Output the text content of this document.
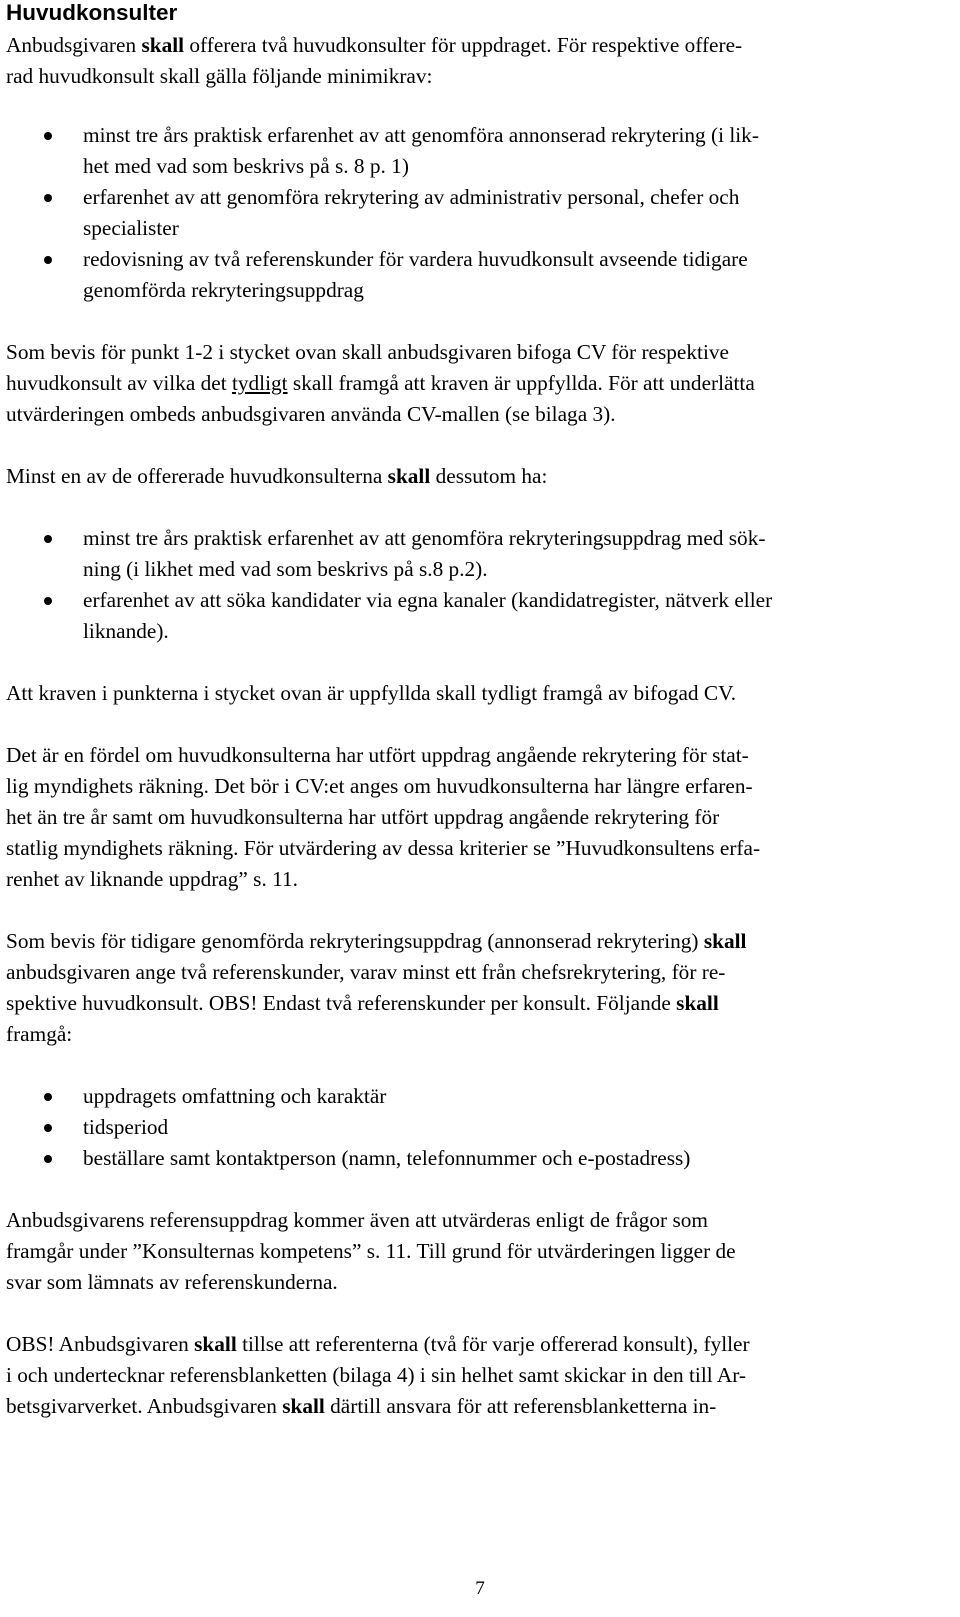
Huvudkonsulter

Anbudsgivaren skall offerera två huvudkonsulter för uppdraget. För respektive offere-
rad huvudkonsult skall gälla följande minimikrav:

minst tre års praktisk erfarenhet av att genomföra annonserad rekrytering (i lik-
het med vad som beskrivs på s. 8 p. 1)
erfarenhet av att genomföra rekrytering av administrativ personal, chefer och
specialister
redovisning av två referenskunder för vardera huvudkonsult avseende tidigare
genomförda rekryteringsuppdrag

Som bevis för punkt 1-2 i stycket ovan skall anbudsgivaren bifoga CV för respektive
huvudkonsult av vilka det tydligt skall framgå att kraven är uppfyllda. För att underlätta
utvärderingen ombeds anbudsgivaren använda CV-mallen (se bilaga 3).

Minst en av de offererade huvudkonsulterna skall dessutom ha:

minst tre års praktisk erfarenhet av att genomföra rekryteringsuppdrag med sök-
ning (i likhet med vad som beskrivs på s.8 p.2).
erfarenhet av att söka kandidater via egna kanaler (kandidatregister, nätverk eller
liknande).

Att kraven i punkterna i stycket ovan är uppfyllda skall tydligt framgå av bifogad CV.

Det är en fördel om huvudkonsulterna har utfört uppdrag angående rekrytering för stat-
lig myndighets räkning. Det bör i CV:et anges om huvudkonsulterna har längre erfaren-
het än tre år samt om huvudkonsulterna har utfört uppdrag angående rekrytering för
statlig myndighets räkning. För utvärdering av dessa kriterier se ”Huvudkonsultens erfa-
renhet av liknande uppdrag” s. 11.

Som bevis för tidigare genomförda rekryteringsuppdrag (annonserad rekrytering) skall
anbudsgivaren ange två referenskunder, varav minst ett från chefsrekrytering, för re-
spektive huvudkonsult. OBS! Endast två referenskunder per konsult. Följande skall
framgå:

uppdragets omfattning och karaktär
tidsperiod
beställare samt kontaktperson (namn, telefonnummer och e-postadress)

Anbudsgivarens referensuppdrag kommer även att utvärderas enligt de frågor som
framgår under ”Konsulternas kompetens” s. 11. Till grund för utvärderingen ligger de
svar som lämnats av referenskunderna.

OBS! Anbudsgivaren skall tillse att referenterna (två för varje offererad konsult), fyller
i och undertecknar referensblanketten (bilaga 4) i sin helhet samt skickar in den till Ar-
betsgivarverket. Anbudsgivaren skall därtill ansvara för att referensblanketterna in-

7
